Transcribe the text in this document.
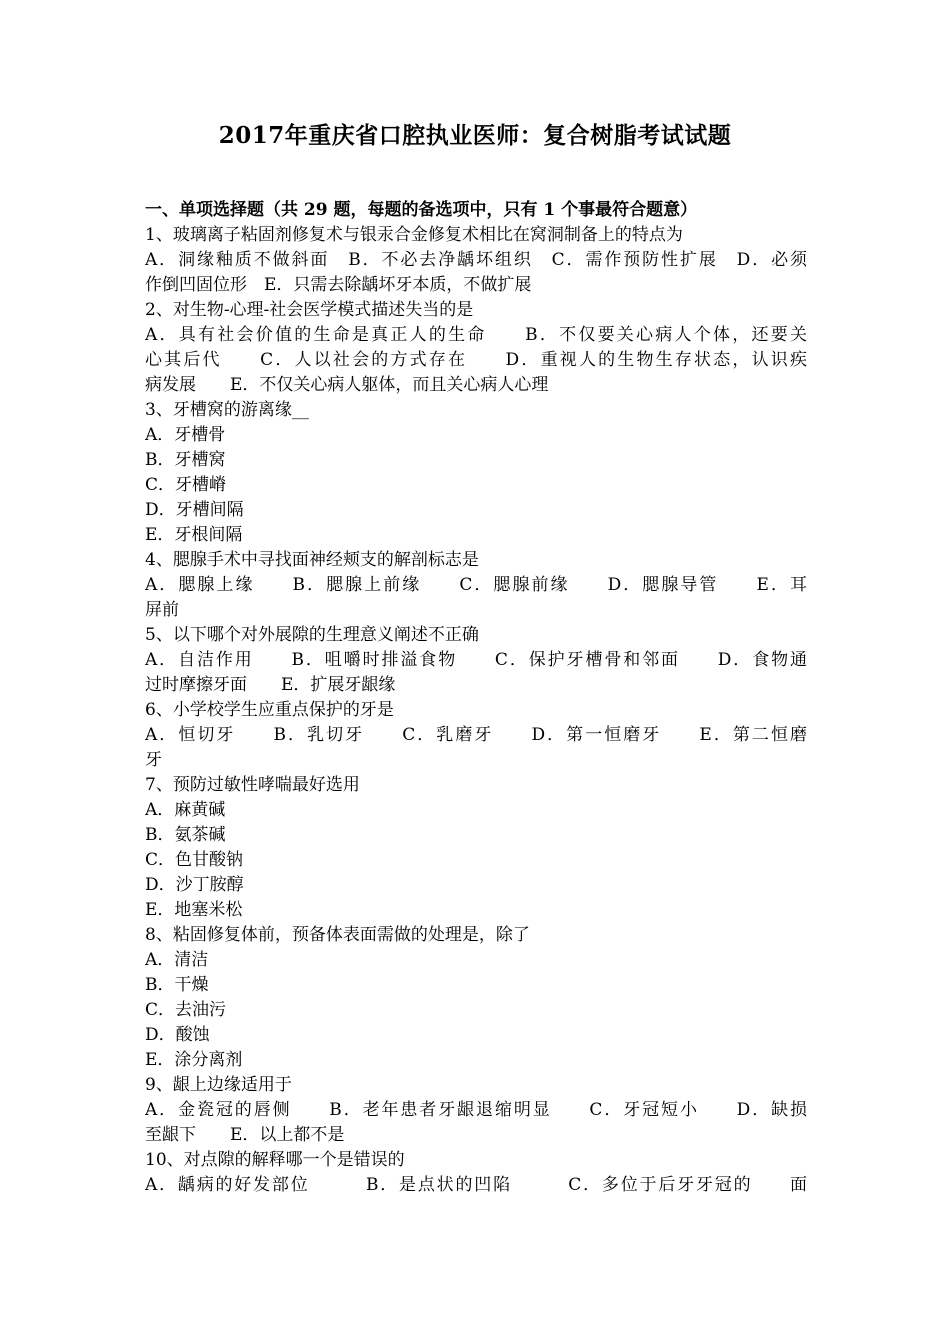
2017年重庆省口腔执业医师：复合树脂考试试题
一、单项选择题（共 29 题，每题的备选项中，只有 1 个事最符合题意）
1、玻璃离子粘固剂修复术与银汞合金修复术相比在窝洞制备上的特点为
A．洞缘釉质不做斜面　B．不必去净龋坏组织　C．需作预防性扩展　D．必须
作倒凹固位形　E．只需去除龋坏牙本质，不做扩展
2、对生物-心理-社会医学模式描述失当的是
A．具有社会价值的生命是真正人的生命　　B．不仅要关心病人个体，还要关
心其后代　　C．人以社会的方式存在　　D．重视人的生物生存状态，认识疾
病发展　　E．不仅关心病人躯体，而且关心病人心理
3、牙槽窝的游离缘__
A．牙槽骨
B．牙槽窝
C．牙槽嵴
D．牙槽间隔
E．牙根间隔
4、腮腺手术中寻找面神经颊支的解剖标志是
A．腮腺上缘　　B．腮腺上前缘　　C．腮腺前缘　　D．腮腺导管　　E．耳
屏前
5、以下哪个对外展隙的生理意义阐述不正确
A．自洁作用　　B．咀嚼时排溢食物　　C．保护牙槽骨和邻面　　D．食物通
过时摩擦牙面　　E．扩展牙龈缘
6、小学校学生应重点保护的牙是
A．恒切牙　　B．乳切牙　　C．乳磨牙　　D．第一恒磨牙　　E．第二恒磨
牙
7、预防过敏性哮喘最好选用
A．麻黄碱
B．氨茶碱
C．色甘酸钠
D．沙丁胺醇
E．地塞米松
8、粘固修复体前，预备体表面需做的处理是，除了
A．清洁
B．干燥
C．去油污
D．酸蚀
E．涂分离剂
9、龈上边缘适用于
A．金瓷冠的唇侧　　B．老年患者牙龈退缩明显　　C．牙冠短小　　D．缺损
至龈下　　E．以上都不是
10、对点隙的解释哪一个是错误的
A．龋病的好发部位　　　B．是点状的凹陷　　　C．多位于后牙牙冠的　　面
